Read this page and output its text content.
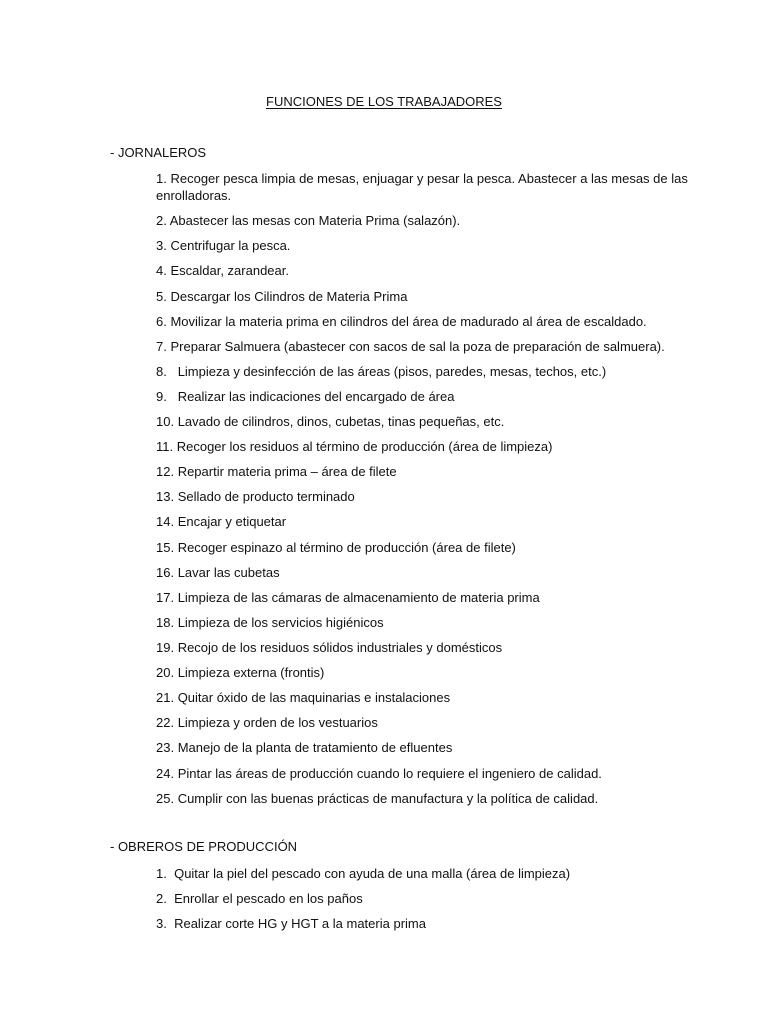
FUNCIONES DE LOS TRABAJADORES
- JORNALEROS
1. Recoger pesca limpia de mesas, enjuagar y pesar la pesca. Abastecer a las mesas de las enrolladoras.
2. Abastecer las mesas con Materia Prima (salazón).
3. Centrifugar la pesca.
4. Escaldar, zarandear.
5. Descargar los Cilindros de Materia Prima
6. Movilizar la materia prima en cilindros del área de madurado al área de escaldado.
7. Preparar Salmuera (abastecer con sacos de sal la poza de preparación de salmuera).
8.   Limpieza y desinfección de las áreas (pisos, paredes, mesas, techos, etc.)
9.   Realizar las indicaciones del encargado de área
10. Lavado de cilindros, dinos, cubetas, tinas pequeñas, etc.
11. Recoger los residuos al término de producción (área de limpieza)
12. Repartir materia prima – área de filete
13. Sellado de producto terminado
14. Encajar y etiquetar
15. Recoger espinazo al término de producción (área de filete)
16. Lavar las cubetas
17. Limpieza de las cámaras de almacenamiento de materia prima
18. Limpieza de los servicios higiénicos
19. Recojo de los residuos sólidos industriales y domésticos
20. Limpieza externa (frontis)
21. Quitar óxido de las maquinarias e instalaciones
22. Limpieza y orden de los vestuarios
23. Manejo de la planta de tratamiento de efluentes
24. Pintar las áreas de producción cuando lo requiere el ingeniero de calidad.
25. Cumplir con las buenas prácticas de manufactura y la política de calidad.
- OBREROS DE PRODUCCIÓN
1.  Quitar la piel del pescado con ayuda de una malla (área de limpieza)
2.  Enrollar el pescado en los paños
3.  Realizar corte HG y HGT a la materia prima
